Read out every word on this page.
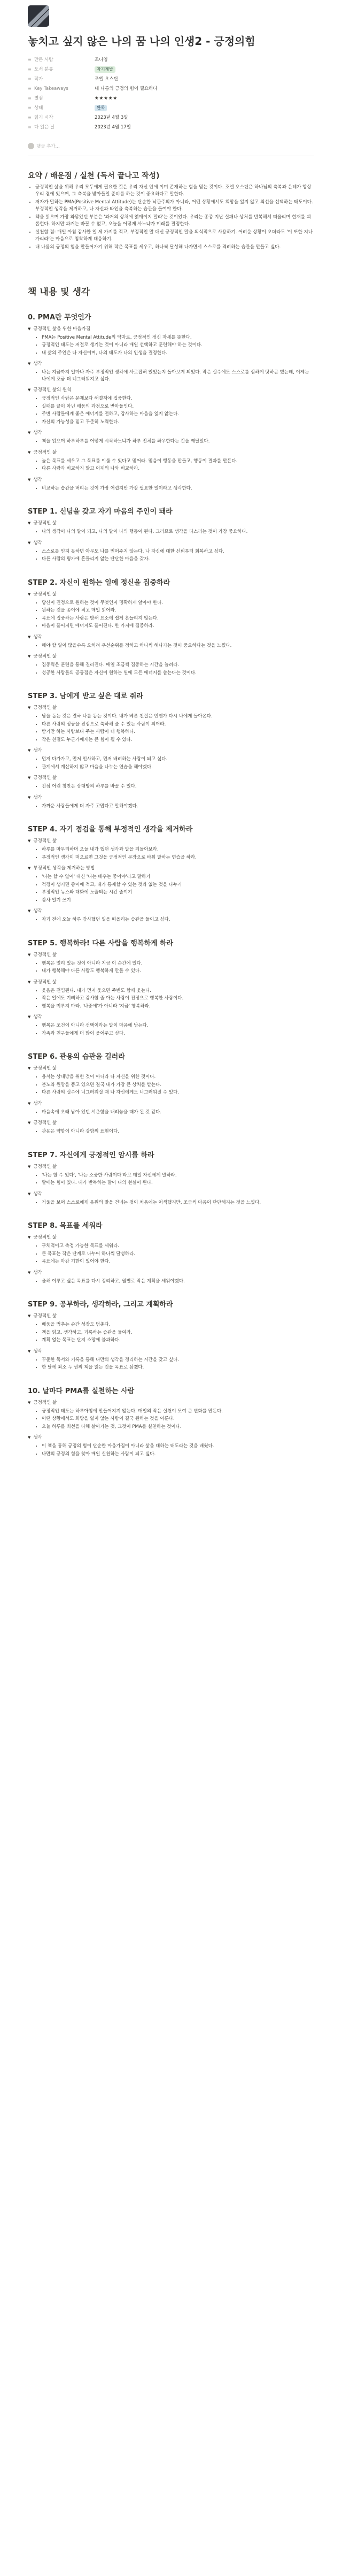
놓치고 싶지 않은 나의 꿈 나의 인생2 - 긍정의힘
≡ 만든 사람	조나영
≡ 도서 분류	자기계발
≡ 작가	조엘 오스틴
≡ Key Takeaways	내 나름의 긍정의 힘이 필요하다
≡ 별점	★★★★★
≡ 상태	완독
≡ 읽기 시작	2023년 4월 3일
≡ 다 읽은 날	2023년 4월 17일
댓글 추가...
요약 / 배운점 / 실천 (독서 끝나고 작성)
• 긍정적인 삶을 위해 우리 모두에게 필요한 것은 우리 자신 안에 이미 존재하는 힘을 믿는 것이다. 조엘 오스틴은 하나님의 축복과 은혜가 항상 우리 곁에 있으며, 그 축복을 받아들일 준비를 하는 것이 중요하다고 말한다.
• 저자가 말하는 PMA(Positive Mental Attitude)는 단순한 낙관주의가 아니라, 어떤 상황에서도 희망을 잃지 않고 최선을 선택하는 태도이다. 부정적인 생각을 제거하고, 나 자신과 타인을 축복하는 습관을 들여야 한다.
• 책을 읽으며 가장 와닿았던 부분은 '과거의 상처에 얽매이지 말라'는 것이었다. 우리는 종종 지난 실패나 상처를 반복해서 떠올리며 현재를 괴롭힌다. 하지만 과거는 바꿀 수 없고, 오늘을 어떻게 사느냐가 미래를 결정한다.
• 실천할 점: 매일 아침 감사한 일 세 가지를 적고, 부정적인 말 대신 긍정적인 말을 의식적으로 사용하기. 어려운 상황이 오더라도 '이 또한 지나가리라'는 마음으로 침착하게 대응하기.
• 내 나름의 긍정의 힘을 만들어가기 위해 작은 목표를 세우고, 하나씩 달성해 나가면서 스스로를 격려하는 습관을 만들고 싶다.
책 내용 및 생각
0. PMA란 무엇인가
▼ 긍정적인 삶을 위한 마음가짐
• PMA는 Positive Mental Attitude의 약자로, 긍정적인 정신 자세를 뜻한다.
• 긍정적인 태도는 저절로 생기는 것이 아니라 매일 선택하고 훈련해야 하는 것이다.
• 내 삶의 주인은 나 자신이며, 나의 태도가 나의 인생을 결정한다.
▼ 생각
• 나는 지금까지 얼마나 자주 부정적인 생각에 사로잡혀 있었는지 돌아보게 되었다. 작은 실수에도 스스로를 심하게 탓하곤 했는데, 이제는 나에게 조금 더 너그러워지고 싶다.
▼ 긍정적인 삶의 원칙
• 긍정적인 사람은 문제보다 해결책에 집중한다.
• 실패를 끝이 아닌 배움의 과정으로 받아들인다.
• 주변 사람들에게 좋은 에너지를 전하고, 감사하는 마음을 잃지 않는다.
• 자신의 가능성을 믿고 꾸준히 노력한다.
▼ 생각
• 책을 읽으며 하루하루를 어떻게 시작하느냐가 하루 전체를 좌우한다는 것을 깨달았다.
▼ 긍정적인 삶
• 높은 목표를 세우고 그 목표를 이룰 수 있다고 믿어라. 믿음이 행동을 만들고, 행동이 결과를 만든다.
• 다른 사람과 비교하지 말고 어제의 나와 비교하라.
▼ 생각
• 비교하는 습관을 버리는 것이 가장 어렵지만 가장 필요한 일이라고 생각한다.
STEP 1. 신념을 갖고 자기 마음의 주인이 돼라
▼ 긍정적인 삶
• 나의 생각이 나의 말이 되고, 나의 말이 나의 행동이 된다. 그러므로 생각을 다스리는 것이 가장 중요하다.
▼ 생각
• 스스로를 믿지 못하면 아무도 나를 믿어주지 않는다. 나 자신에 대한 신뢰부터 회복하고 싶다.
• 다른 사람의 평가에 흔들리지 않는 단단한 마음을 갖자.
STEP 2. 자신이 원하는 일에 정신을 집중하라
▼ 긍정적인 삶
• 당신이 진정으로 원하는 것이 무엇인지 명확하게 알아야 한다.
• 원하는 것을 종이에 적고 매일 읽어라.
• 목표에 집중하는 사람은 방해 요소에 쉽게 흔들리지 않는다.
• 마음이 흩어지면 에너지도 흩어진다. 한 가지에 집중하라.
▼ 생각
• 해야 할 일이 많을수록 오히려 우선순위를 정하고 하나씩 해나가는 것이 중요하다는 것을 느꼈다.
▼ 긍정적인 삶
• 집중력은 훈련을 통해 길러진다. 매일 조금씩 집중하는 시간을 늘려라.
• 성공한 사람들의 공통점은 자신이 원하는 일에 모든 에너지를 쏟는다는 것이다.
STEP 3. 남에게 받고 싶은 대로 줘라
▼ 긍정적인 삶
• 남을 돕는 것은 결국 나를 돕는 것이다. 내가 베푼 친절은 언젠가 다시 나에게 돌아온다.
• 다른 사람의 성공을 진심으로 축하해 줄 수 있는 사람이 되어라.
• 받기만 하는 사람보다 주는 사람이 더 행복하다.
• 작은 친절도 누군가에게는 큰 힘이 될 수 있다.
▼ 생각
• 먼저 다가가고, 먼저 인사하고, 먼저 배려하는 사람이 되고 싶다.
• 관계에서 계산하지 않고 마음을 나누는 연습을 해야겠다.
▼ 긍정적인 삶
• 진심 어린 칭찬은 상대방의 하루를 바꿀 수 있다.
▼ 생각
• 가까운 사람들에게 더 자주 고맙다고 말해야겠다.
STEP 4. 자기 점검을 통해 부정적인 생각을 제거하라
▼ 긍정적인 삶
• 하루를 마무리하며 오늘 내가 했던 생각과 말을 되돌아보라.
• 부정적인 생각이 떠오르면 그것을 긍정적인 문장으로 바꿔 말하는 연습을 하라.
▼ 부정적인 생각을 제거하는 방법
• '나는 할 수 없어' 대신 '나는 배우는 중이야'라고 말하기
• 걱정이 생기면 종이에 적고, 내가 통제할 수 있는 것과 없는 것을 나누기
• 부정적인 뉴스와 대화에 노출되는 시간 줄이기
• 감사 일기 쓰기
▼ 생각
• 자기 전에 오늘 하루 감사했던 일을 떠올리는 습관을 들이고 싶다.
STEP 5. 행복하라! 다른 사람을 행복하게 하라
▼ 긍정적인 삶
• 행복은 멀리 있는 것이 아니라 지금 이 순간에 있다.
• 내가 행복해야 다른 사람도 행복하게 만들 수 있다.
▼ 긍정적인 삶
• 웃음은 전염된다. 내가 먼저 웃으면 주변도 함께 웃는다.
• 작은 일에도 기뻐하고 감사할 줄 아는 사람이 진정으로 행복한 사람이다.
• 행복을 미루지 마라. '나중에'가 아니라 '지금' 행복하라.
▼ 생각
• 행복은 조건이 아니라 선택이라는 말이 마음에 남는다.
• 가족과 친구들에게 더 많이 웃어주고 싶다.
STEP 6. 관용의 습관을 길러라
▼ 긍정적인 삶
• 용서는 상대방을 위한 것이 아니라 나 자신을 위한 것이다.
• 분노와 원망을 품고 있으면 결국 내가 가장 큰 상처를 받는다.
• 다른 사람의 실수에 너그러워질 때 나 자신에게도 너그러워질 수 있다.
▼ 생각
• 마음속에 오래 남아 있던 서운함을 내려놓을 때가 된 것 같다.
▼ 긍정적인 삶
• 관용은 약함이 아니라 강함의 표현이다.
STEP 7. 자신에게 긍정적인 암시를 하라
▼ 긍정적인 삶
• '나는 할 수 있다', '나는 소중한 사람이다'라고 매일 자신에게 말하라.
• 말에는 힘이 있다. 내가 반복하는 말이 나의 현실이 된다.
▼ 생각
• 거울을 보며 스스로에게 응원의 말을 건네는 것이 처음에는 어색했지만, 조금씩 마음이 단단해지는 것을 느꼈다.
STEP 8. 목표를 세워라
▼ 긍정적인 삶
• 구체적이고 측정 가능한 목표를 세워라.
• 큰 목표는 작은 단계로 나누어 하나씩 달성하라.
• 목표에는 마감 기한이 있어야 한다.
▼ 생각
• 올해 이루고 싶은 목표를 다시 정리하고, 월별로 작은 계획을 세워야겠다.
STEP 9. 공부하라, 생각하라, 그리고 계획하라
▼ 긍정적인 삶
• 배움을 멈추는 순간 성장도 멈춘다.
• 책을 읽고, 생각하고, 기록하는 습관을 들여라.
• 계획 없는 목표는 단지 소망에 불과하다.
▼ 생각
• 꾸준한 독서와 기록을 통해 나만의 생각을 정리하는 시간을 갖고 싶다.
• 한 달에 최소 두 권의 책을 읽는 것을 목표로 삼겠다.
10. 날마다 PMA를 실천하는 사람
▼ 긍정적인 삶
• 긍정적인 태도는 하루아침에 만들어지지 않는다. 매일의 작은 실천이 모여 큰 변화를 만든다.
• 어떤 상황에서도 희망을 잃지 않는 사람이 결국 원하는 것을 이룬다.
• 오늘 하루를 최선을 다해 살아가는 것, 그것이 PMA를 실천하는 것이다.
▼ 생각
• 이 책을 통해 긍정의 힘이 단순한 마음가짐이 아니라 삶을 대하는 태도라는 것을 배웠다.
• 나만의 긍정의 힘을 찾아 매일 실천하는 사람이 되고 싶다.
